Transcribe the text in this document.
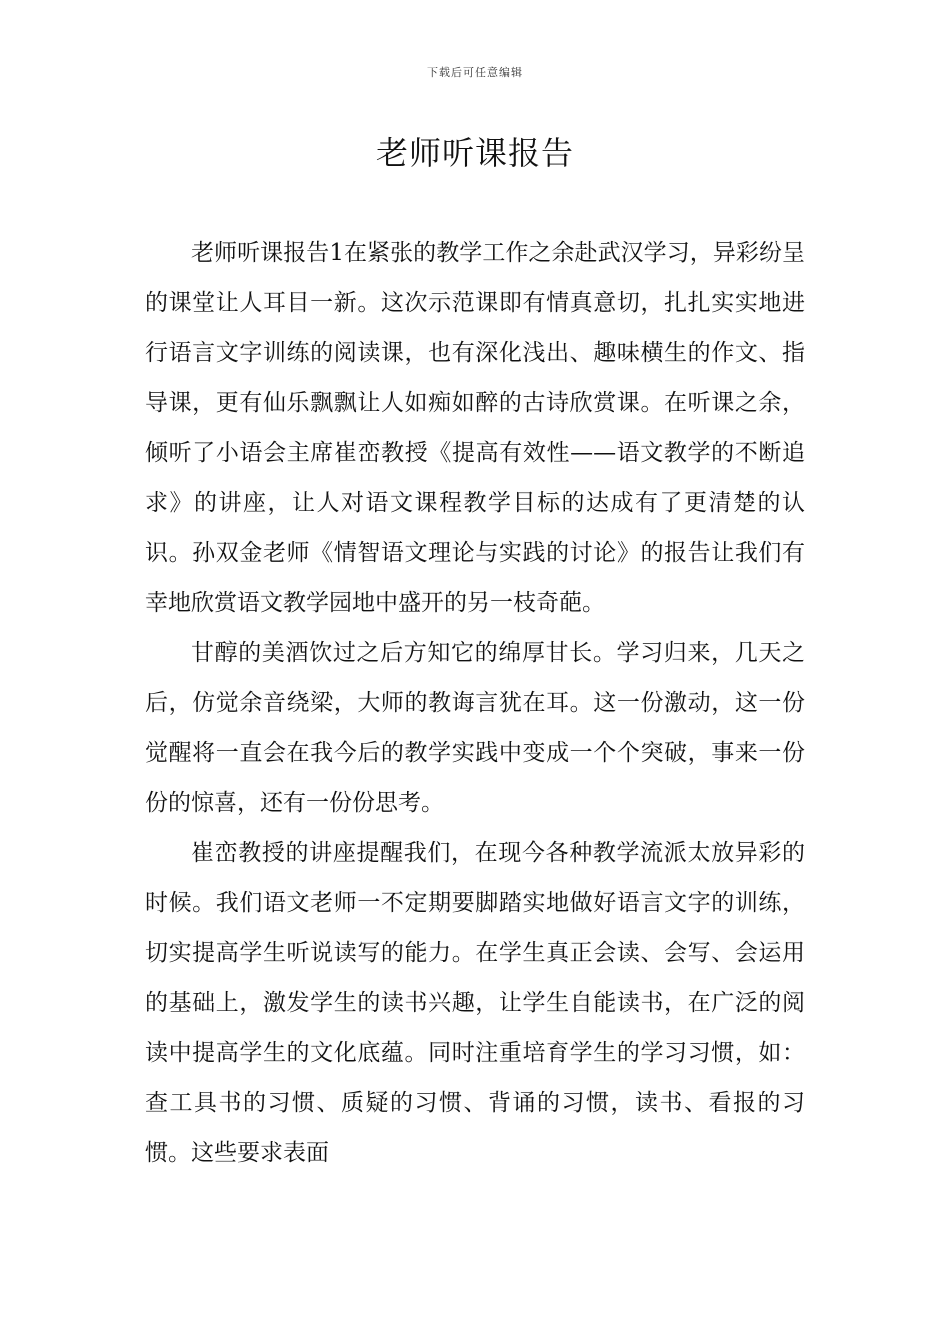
下载后可任意编辑
老师听课报告

老师听课报告1在紧张的教学工作之余赴武汉学习，异彩纷呈的课堂让人耳目一新。这次示范课即有情真意切，扎扎实实地进行语言文字训练的阅读课，也有深化浅出、趣味横生的作文、指导课，更有仙乐飘飘让人如痴如醉的古诗欣赏课。在听课之余，倾听了小语会主席崔峦教授《提高有效性——语文教学的不断追求》的讲座，让人对语文课程教学目标的达成有了更清楚的认识。孙双金老师《情智语文理论与实践的讨论》的报告让我们有幸地欣赏语文教学园地中盛开的另一枝奇葩。

甘醇的美酒饮过之后方知它的绵厚甘长。学习归来，几天之后，仿觉余音绕梁，大师的教诲言犹在耳。这一份激动，这一份觉醒将一直会在我今后的教学实践中变成一个个突破，事来一份份的惊喜，还有一份份思考。

崔峦教授的讲座提醒我们，在现今各种教学流派太放异彩的时候。我们语文老师一不定期要脚踏实地做好语言文字的训练，切实提高学生听说读写的能力。在学生真正会读、会写、会运用的基础上，激发学生的读书兴趣，让学生自能读书，在广泛的阅读中提高学生的文化底蕴。同时注重培育学生的学习习惯，如：查工具书的习惯、质疑的习惯、背诵的习惯，读书、看报的习惯。这些要求表面
